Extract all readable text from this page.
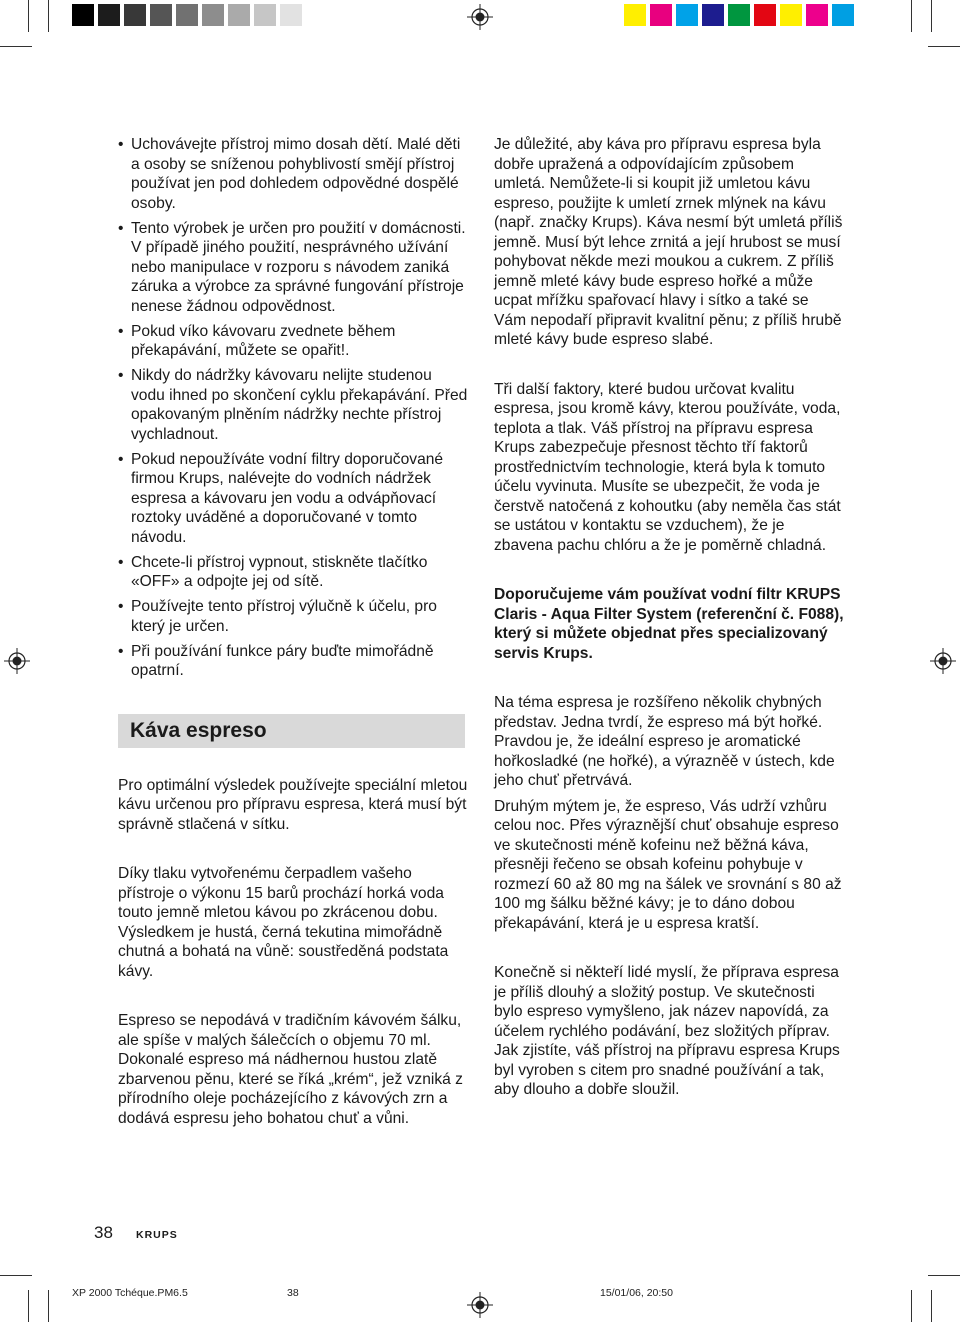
• Uchovávejte přístroj mimo dosah dětí. Malé děti a osoby se sníženou pohyblivostí smějí přístroj používat jen pod dohledem odpovědné dospělé osoby.
• Tento výrobek je určen pro použití v domácnosti. V případě jiného použití, nesprávného užívání nebo manipulace v rozporu s návodem zaniká záruka a výrobce za správné fungování přístroje nenese žádnou odpovědnost.
• Pokud víko kávovaru zvednete během překapávání, můžete se opařit!.
• Nikdy do nádržky kávovaru nelijte studenou vodu ihned po skončení cyklu překapávání. Před opakovaným plněním nádržky nechte přístroj vychladnout.
• Pokud nepoužíváte vodní filtry doporučované firmou Krups, nalévejte do vodních nádržek espresa a kávovaru jen vodu a odvápňovací roztoky uváděné a doporučované v tomto návodu.
• Chcete-li přístroj vypnout, stiskněte tlačítko «OFF» a odpojte jej od sítě.
• Používejte tento přístroj výlučně k účelu, pro který je určen.
• Při používání funkce páry buďte mimořádně opatrní.
Káva espreso

Pro optimální výsledek používejte speciální mletou kávu určenou pro přípravu espresa, která musí být správně stlačená v sítku.

Díky tlaku vytvořenému čerpadlem vašeho přístroje o výkonu 15 barů prochází horká voda touto jemně mletou kávou po zkrácenou dobu. Výsledkem je hustá, černá tekutina mimořádně chutná a bohatá na vůně: soustředěná podstata kávy.

Espreso se nepodává v tradičním kávovém šálku, ale spíše v malých šálečcích o objemu 70 ml. Dokonalé espreso má nádhernou hustou zlatě zbarvenou pěnu, které se říká „krém“, jež vzniká z přírodního oleje pocházejícího z kávových zrn a dodává espresu jeho bohatou chuť a vůni.

Je důležité, aby káva pro přípravu espresa byla dobře upražená a odpovídajícím způsobem umletá. Nemůžete-li si koupit již umletou kávu espreso, použijte k umletí zrnek mlýnek na kávu (např. značky Krups). Káva nesmí být umletá příliš jemně. Musí být lehce zrnitá a její hrubost se musí pohybovat někde mezi moukou a cukrem. Z příliš jemně mleté kávy bude espreso hořké a může ucpat mřížku spařovací hlavy i sítko a také se Vám nepodaří připravit kvalitní pěnu; z příliš hrubě mleté kávy bude espreso slabé.

Tři další faktory, které budou určovat kvalitu espresa, jsou kromě kávy, kterou používáte, voda, teplota a tlak. Váš přístroj na přípravu espresa Krups zabezpečuje přesnost těchto tří faktorů prostřednictvím technologie, která byla k tomuto účelu vyvinuta. Musíte se ubezpečit, že voda je čerstvě natočená z kohoutku (aby neměla čas stát se ustátou v kontaktu se vzduchem), že je zbavena pachu chlóru a že je poměrně chladná.

Doporučujeme vám používat vodní filtr KRUPS Claris - Aqua Filter System (referenční č. F088), který si můžete objednat přes specializovaný servis Krups.

Na téma espresa je rozšířeno několik chybných představ. Jedna tvrdí, že espreso má být hořké. Pravdou je, že ideální espreso je aromatické hořkosladké (ne hořké), a výrazněě v ústech, kde jeho chuť přetrvává.

Druhým mýtem je, že espreso, Vás udrží vzhůru celou noc. Přes výraznější chuť obsahuje espreso ve skutečnosti méně kofeinu než běžná káva, přesněji řečeno se obsah kofeinu pohybuje v rozmezí 60 až 80 mg na šálek ve srovnání s 80 až 100 mg šálku běžné kávy; je to dáno dobou překapávání, která je u espresa kratší.

Konečně si někteří lidé myslí, že příprava espresa je příliš dlouhý a složitý postup. Ve skutečnosti bylo espreso vymyšleno, jak název napovídá, za účelem rychlého podávání, bez složitých příprav. Jak zjistíte, váš přístroj na přípravu espresa Krups byl vyroben s citem pro snadné používání a tak, aby dlouho a dobře sloužil.

38 KRUPS
XP 2000 Tchéque.PM6.5	38	15/01/06, 20:50
